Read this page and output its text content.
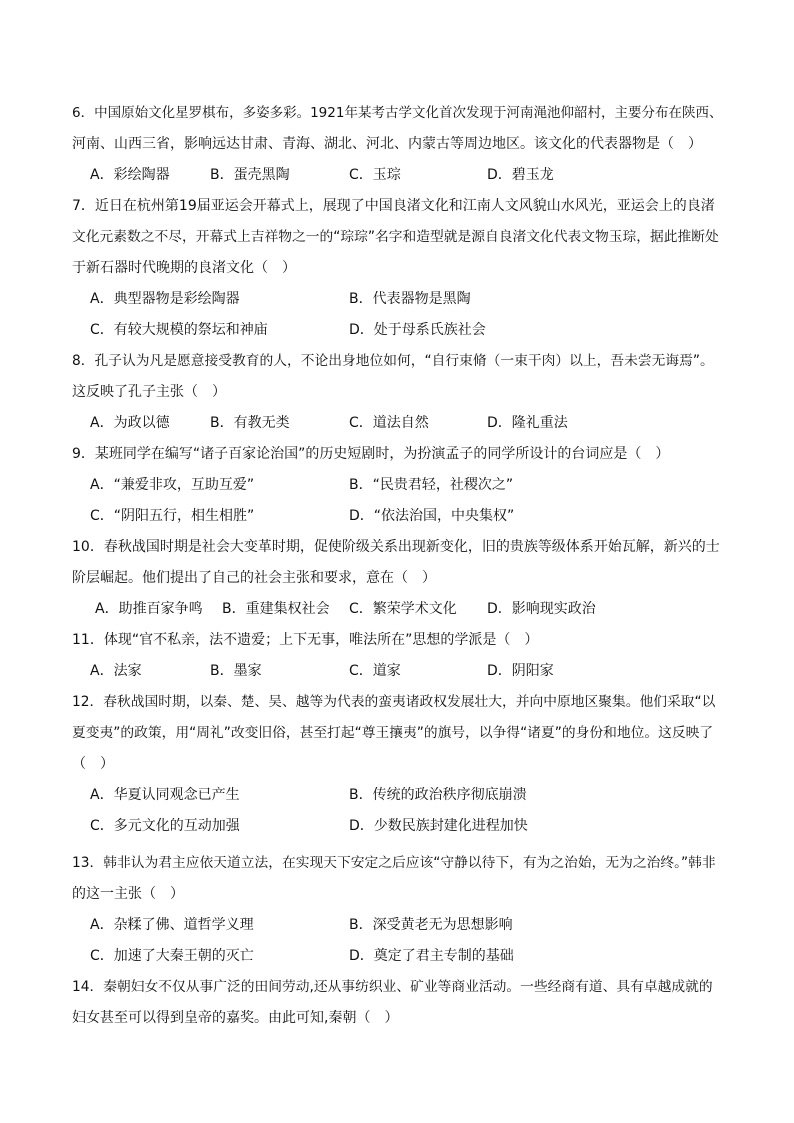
6．中国原始文化星罗棋布，多姿多彩。1921年某考古学文化首次发现于河南渑池仰韶村，主要分布在陕西、
河南、山西三省，影响远达甘肃、青海、湖北、河北、内蒙古等周边地区。该文化的代表器物是（　）
A．彩绘陶器	B．蛋壳黑陶	C．玉琮	D．碧玉龙
7．近日在杭州第19届亚运会开幕式上，展现了中国良渚文化和江南人文风貌山水风光，亚运会上的良渚
文化元素数之不尽，开幕式上吉祥物之一的“琮琮”名字和造型就是源自良渚文化代表文物玉琮，据此推断处
于新石器时代晚期的良渚文化（　）
A．典型器物是彩绘陶器	B．代表器物是黑陶
C．有较大规模的祭坛和神庙	D．处于母系氏族社会
8．孔子认为凡是愿意接受教育的人，不论出身地位如何，“自行束脩（一束干肉）以上，吾未尝无诲焉”。
这反映了孔子主张（　）
A．为政以德	B．有教无类	C．道法自然	D．隆礼重法
9．某班同学在编写“诸子百家论治国”的历史短剧时，为扮演孟子的同学所设计的台词应是（　）
A．“兼爱非攻，互助互爱”	B．“民贵君轻，社稷次之”
C．“阴阳五行，相生相胜”	D．“依法治国，中央集权”
10．春秋战国时期是社会大变革时期，促使阶级关系出现新变化，旧的贵族等级体系开始瓦解，新兴的士
阶层崛起。他们提出了自己的社会主张和要求，意在（　）
A．助推百家争鸣 B．重建集权社会 C．繁荣学术文化 D．影响现实政治
11．体现“官不私亲，法不遗爱；上下无事，唯法所在”思想的学派是（　）
A．法家	B．墨家	C．道家	D．阴阳家
12．春秋战国时期，以秦、楚、吴、越等为代表的蛮夷诸政权发展壮大，并向中原地区聚集。他们采取“以
夏变夷”的政策，用“周礼”改变旧俗，甚至打起“尊王攘夷”的旗号，以争得“诸夏”的身份和地位。这反映了
（　）
A．华夏认同观念已产生	B．传统的政治秩序彻底崩溃
C．多元文化的互动加强	D．少数民族封建化进程加快
13．韩非认为君主应依天道立法，在实现天下安定之后应该“守静以待下，有为之治始，无为之治终。”韩非
的这一主张（　）
A．杂糅了佛、道哲学义理	B．深受黄老无为思想影响
C．加速了大秦王朝的灭亡	D．奠定了君主专制的基础
14．秦朝妇女不仅从事广泛的田间劳动,还从事纺织业、矿业等商业活动。一些经商有道、具有卓越成就的
妇女甚至可以得到皇帝的嘉奖。由此可知,秦朝（　）
